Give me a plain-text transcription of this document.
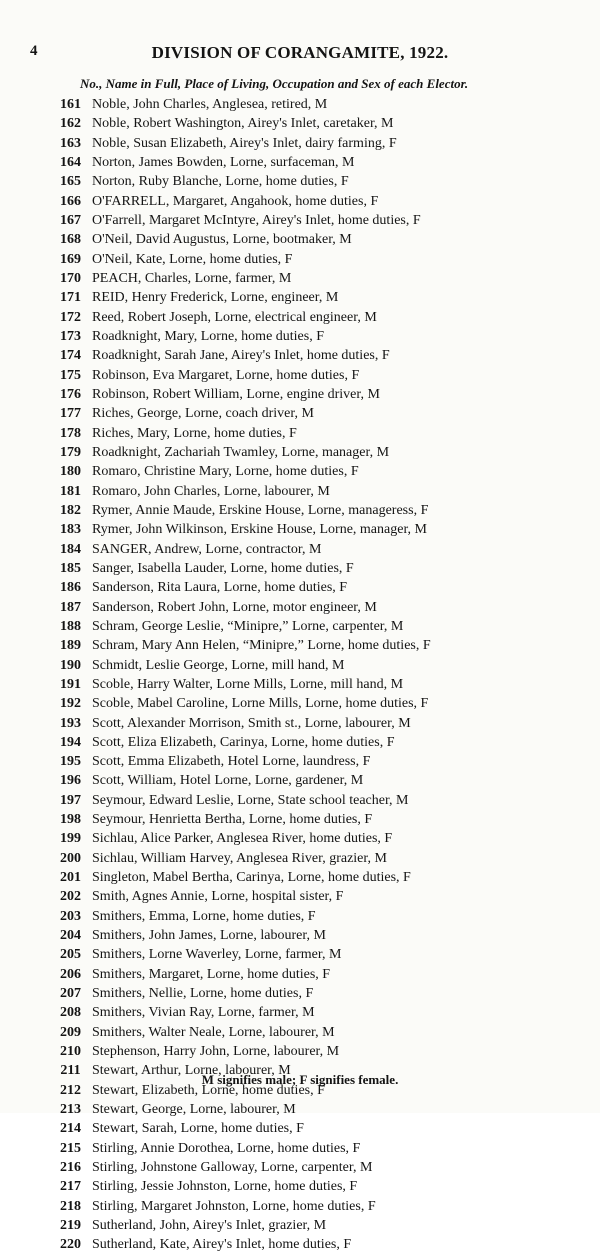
4	DIVISION OF CORANGAMITE, 1922.
No., Name in Full, Place of Living, Occupation and Sex of each Elector.
161 Noble, John Charles, Anglesea, retired, M
162 Noble, Robert Washington, Airey's Inlet, caretaker, M
163 Noble, Susan Elizabeth, Airey's Inlet, dairy farming, F
164 Norton, James Bowden, Lorne, surfaceman, M
165 Norton, Ruby Blanche, Lorne, home duties, F
166 O'FARRELL, Margaret, Angahook, home duties, F
167 O'Farrell, Margaret McIntyre, Airey's Inlet, home duties, F
168 O'Neil, David Augustus, Lorne, bootmaker, M
169 O'Neil, Kate, Lorne, home duties, F
170 PEACH, Charles, Lorne, farmer, M
171 REID, Henry Frederick, Lorne, engineer, M
172 Reed, Robert Joseph, Lorne, electrical engineer, M
173 Roadknight, Mary, Lorne, home duties, F
174 Roadknight, Sarah Jane, Airey's Inlet, home duties, F
175 Robinson, Eva Margaret, Lorne, home duties, F
176 Robinson, Robert William, Lorne, engine driver, M
177 Riches, George, Lorne, coach driver, M
178 Riches, Mary, Lorne, home duties, F
179 Roadknight, Zachariah Twamley, Lorne, manager, M
180 Romaro, Christine Mary, Lorne, home duties, F
181 Romaro, John Charles, Lorne, labourer, M
182 Rymer, Annie Maude, Erskine House, Lorne, manageress, F
183 Rymer, John Wilkinson, Erskine House, Lorne, manager, M
184 SANGER, Andrew, Lorne, contractor, M
185 Sanger, Isabella Lauder, Lorne, home duties, F
186 Sanderson, Rita Laura, Lorne, home duties, F
187 Sanderson, Robert John, Lorne, motor engineer, M
188 Schram, George Leslie, “Minipre,” Lorne, carpenter, M
189 Schram, Mary Ann Helen, “Minipre,” Lorne, home duties, F
190 Schmidt, Leslie George, Lorne, mill hand, M
191 Scoble, Harry Walter, Lorne Mills, Lorne, mill hand, M
192 Scoble, Mabel Caroline, Lorne Mills, Lorne, home duties, F
193 Scott, Alexander Morrison, Smith st., Lorne, labourer, M
194 Scott, Eliza Elizabeth, Carinya, Lorne, home duties, F
195 Scott, Emma Elizabeth, Hotel Lorne, laundress, F
196 Scott, William, Hotel Lorne, Lorne, gardener, M
197 Seymour, Edward Leslie, Lorne, State school teacher, M
198 Seymour, Henrietta Bertha, Lorne, home duties, F
199 Sichlau, Alice Parker, Anglesea River, home duties, F
200 Sichlau, William Harvey, Anglesea River, grazier, M
201 Singleton, Mabel Bertha, Carinya, Lorne, home duties, F
202 Smith, Agnes Annie, Lorne, hospital sister, F
203 Smithers, Emma, Lorne, home duties, F
204 Smithers, John James, Lorne, labourer, M
205 Smithers, Lorne Waverley, Lorne, farmer, M
206 Smithers, Margaret, Lorne, home duties, F
207 Smithers, Nellie, Lorne, home duties, F
208 Smithers, Vivian Ray, Lorne, farmer, M
209 Smithers, Walter Neale, Lorne, labourer, M
210 Stephenson, Harry John, Lorne, labourer, M
211 Stewart, Arthur, Lorne, labourer, M
212 Stewart, Elizabeth, Lorne, home duties, F
213 Stewart, George, Lorne, labourer, M
214 Stewart, Sarah, Lorne, home duties, F
215 Stirling, Annie Dorothea, Lorne, home duties, F
216 Stirling, Johnstone Galloway, Lorne, carpenter, M
217 Stirling, Jessie Johnston, Lorne, home duties, F
218 Stirling, Margaret Johnston, Lorne, home duties, F
219 Sutherland, John, Airey's Inlet, grazier, M
220 Sutherland, Kate, Airey's Inlet, home duties, F
M signifies male; F signifies female.
